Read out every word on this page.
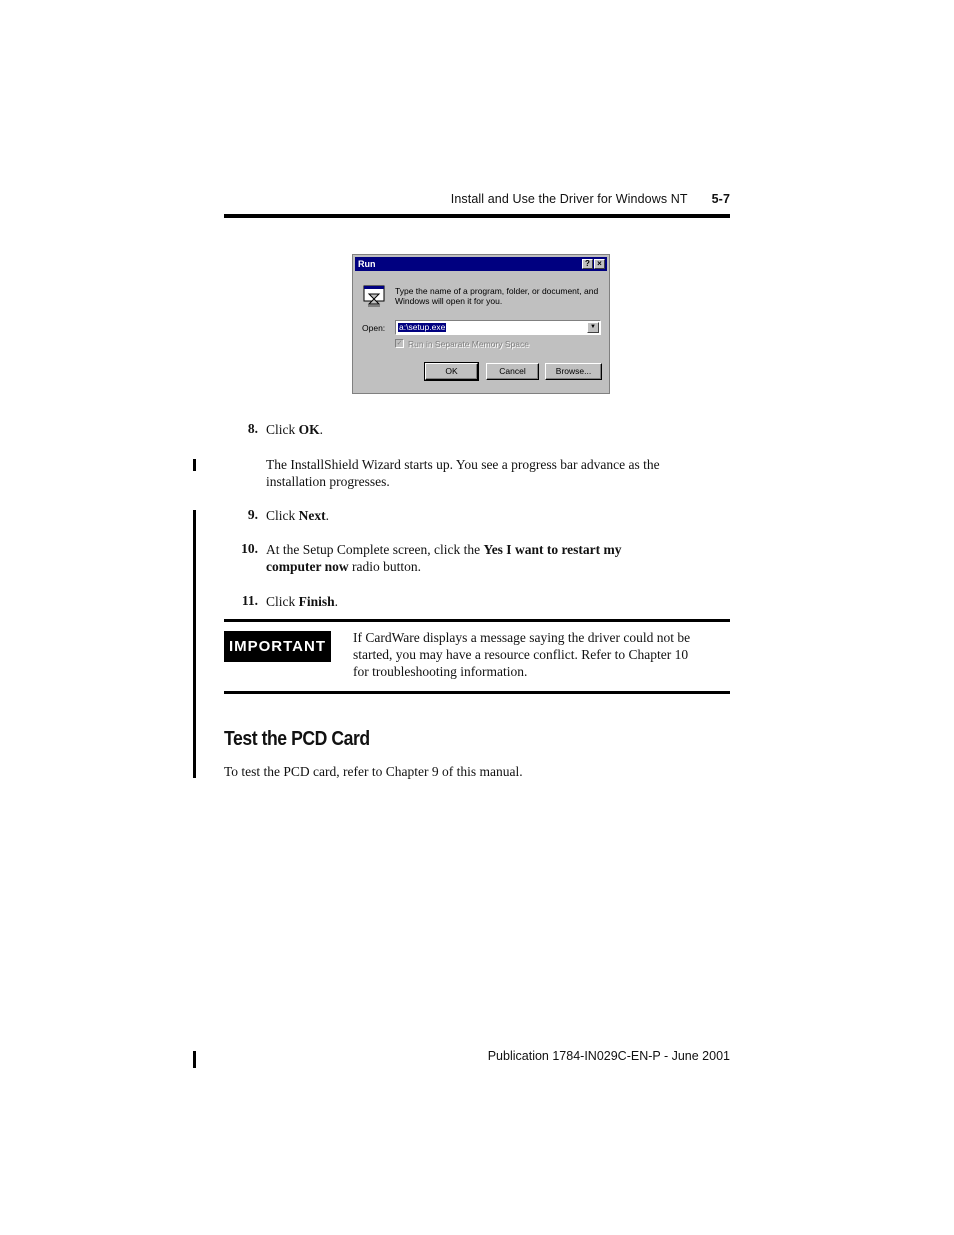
Install and Use the Driver for Windows NT 5-7
Run	? ×
Type the name of a program, folder, or document, and Windows will open it for you.
Open: a:\setup.exe	▼
✓ Run in Separate Memory Space
OK	Cancel	Browse...
8. Click OK.
The InstallShield Wizard starts up. You see a progress bar advance as the
installation progresses.
9. Click Next.
10. At the Setup Complete screen, click the Yes I want to restart my
computer now radio button.
11. Click Finish.
IMPORTANT
If CardWare displays a message saying the driver could not be
started, you may have a resource conflict. Refer to Chapter 10
for troubleshooting information.
Test the PCD Card
To test the PCD card, refer to Chapter 9 of this manual.
Publication 1784-IN029C-EN-P - June 2001
